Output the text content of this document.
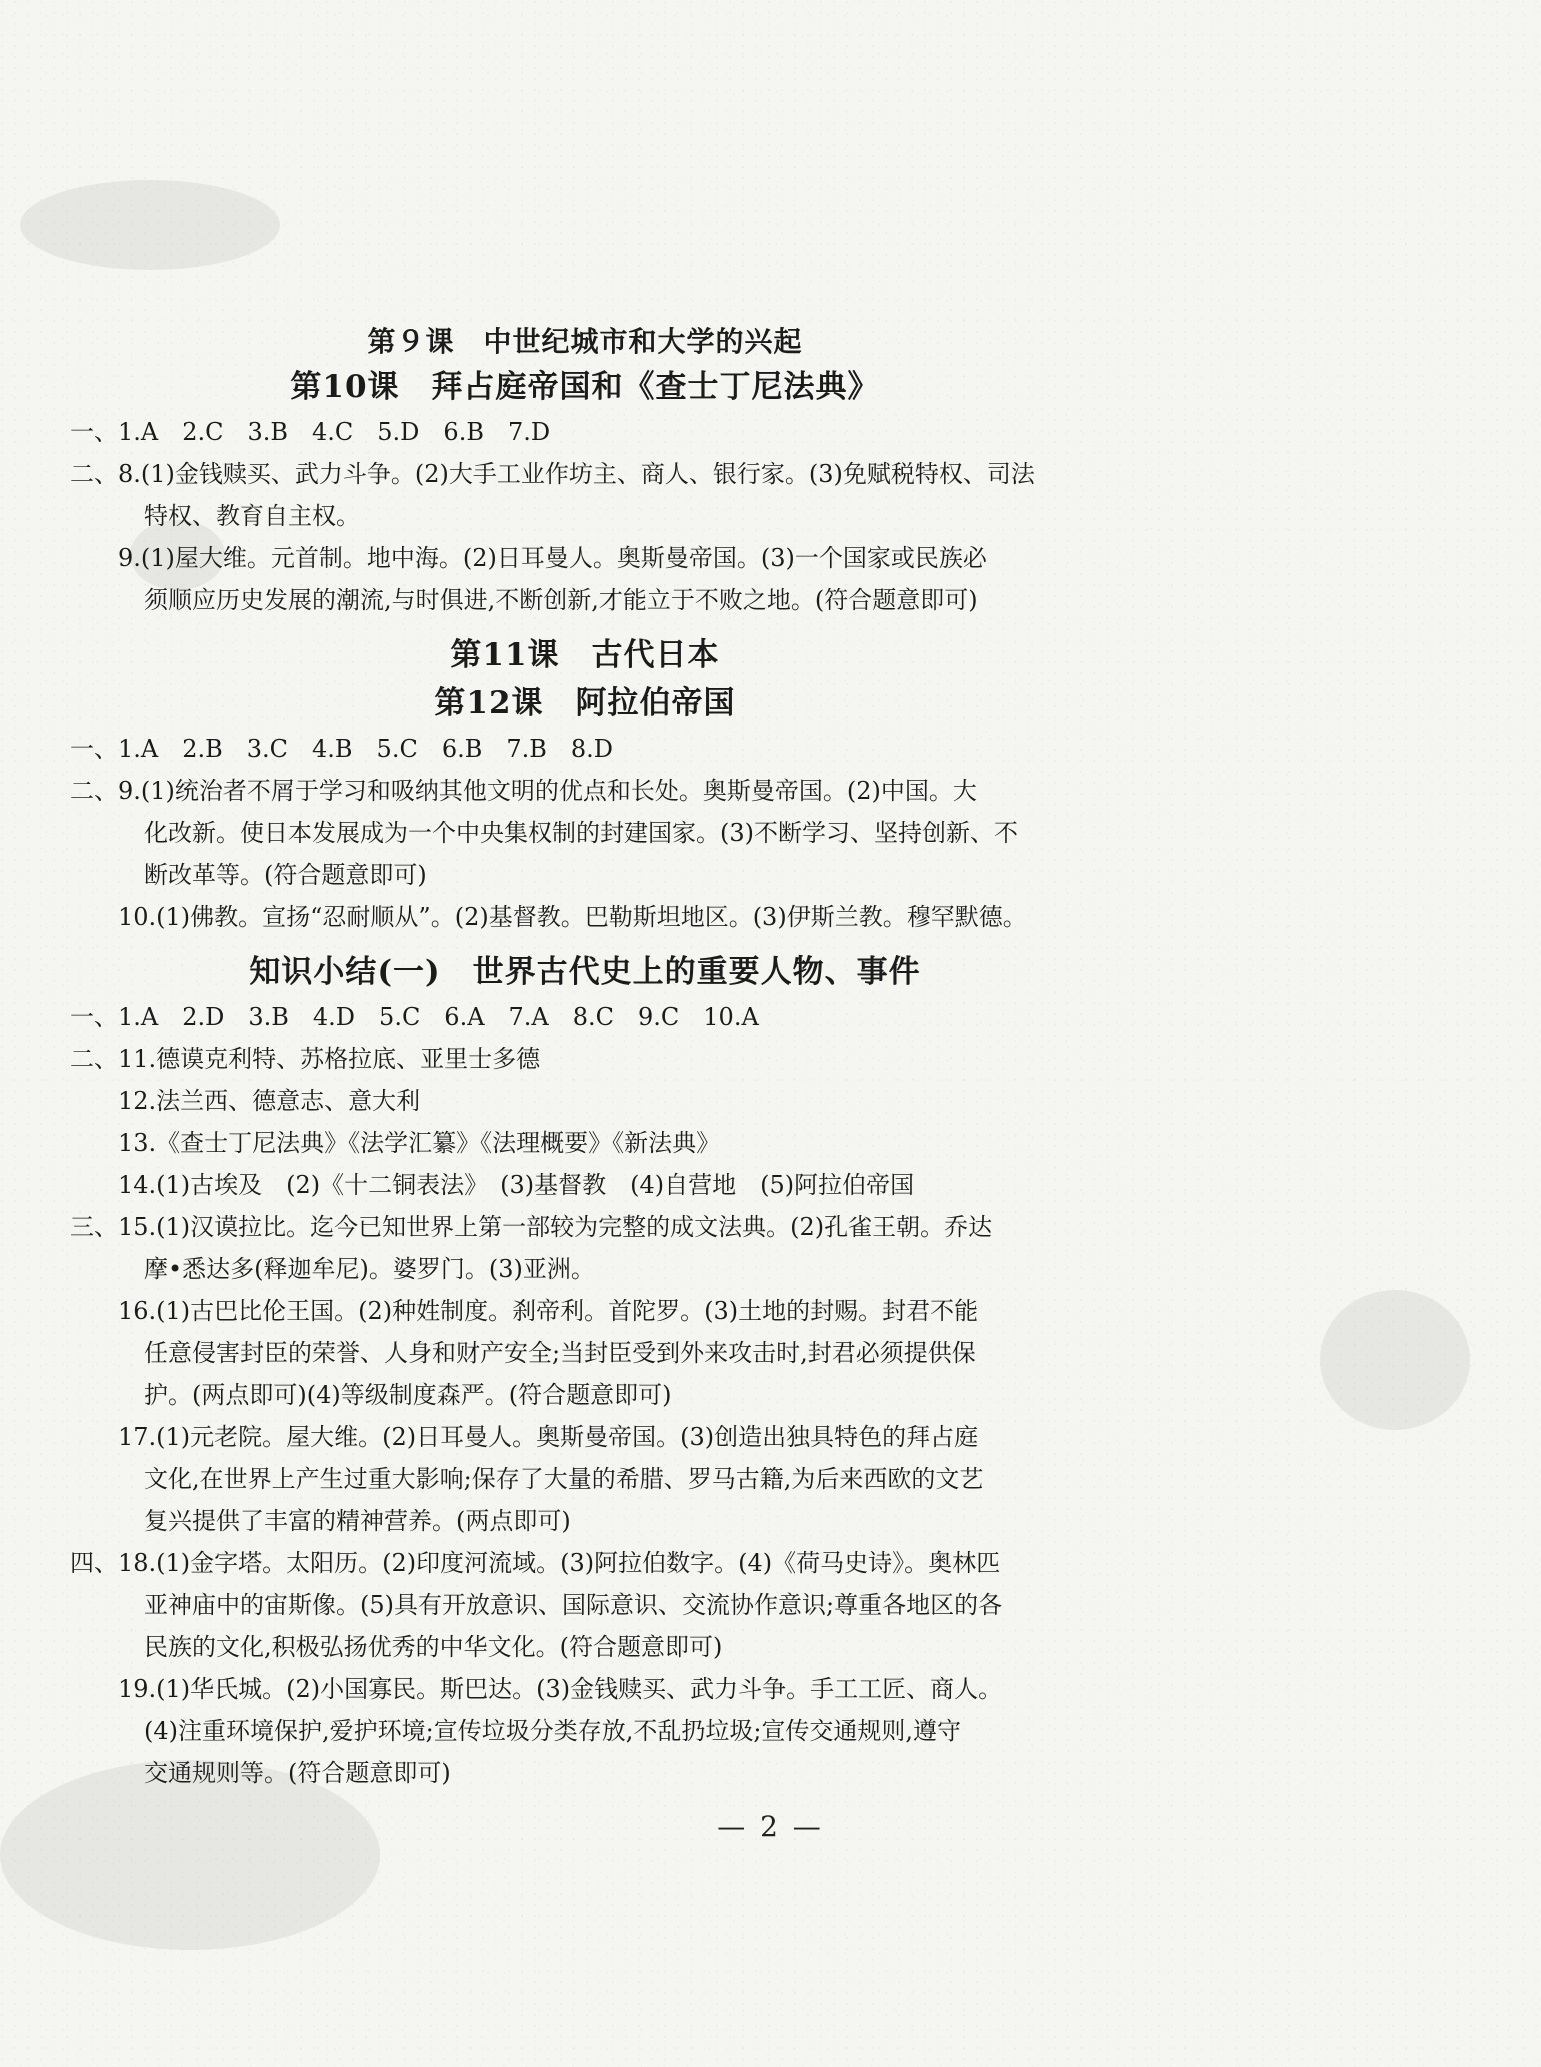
第９课　中世纪城市和大学的兴起
第10课　拜占庭帝国和《查士丁尼法典》

一、1.A　2.C　3.B　4.C　5.D　6.B　7.D

二、8.(1)金钱赎买、武力斗争。(2)大手工业作坊主、商人、银行家。(3)免赋税特权、司法

特权、教育自主权。

9.(1)屋大维。元首制。地中海。(2)日耳曼人。奥斯曼帝国。(3)一个国家或民族必

须顺应历史发展的潮流,与时俱进,不断创新,才能立于不败之地。(符合题意即可)

第11课　古代日本
第12课　阿拉伯帝国

一、1.A　2.B　3.C　4.B　5.C　6.B　7.B　8.D

二、9.(1)统治者不屑于学习和吸纳其他文明的优点和长处。奥斯曼帝国。(2)中国。大

化改新。使日本发展成为一个中央集权制的封建国家。(3)不断学习、坚持创新、不

断改革等。(符合题意即可)

10.(1)佛教。宣扬“忍耐顺从”。(2)基督教。巴勒斯坦地区。(3)伊斯兰教。穆罕默德。

知识小结(一)　世界古代史上的重要人物、事件

一、1.A　2.D　3.B　4.D　5.C　6.A　7.A　8.C　9.C　10.A

二、11.德谟克利特、苏格拉底、亚里士多德

12.法兰西、德意志、意大利

13.《查士丁尼法典》《法学汇纂》《法理概要》《新法典》

14.(1)古埃及　(2)《十二铜表法》　(3)基督教　(4)自营地　(5)阿拉伯帝国

三、15.(1)汉谟拉比。迄今已知世界上第一部较为完整的成文法典。(2)孔雀王朝。乔达

摩•悉达多(释迦牟尼)。婆罗门。(3)亚洲。

16.(1)古巴比伦王国。(2)种姓制度。刹帝利。首陀罗。(3)土地的封赐。封君不能

任意侵害封臣的荣誉、人身和财产安全;当封臣受到外来攻击时,封君必须提供保

护。(两点即可)(4)等级制度森严。(符合题意即可)

17.(1)元老院。屋大维。(2)日耳曼人。奥斯曼帝国。(3)创造出独具特色的拜占庭

文化,在世界上产生过重大影响;保存了大量的希腊、罗马古籍,为后来西欧的文艺

复兴提供了丰富的精神营养。(两点即可)

四、18.(1)金字塔。太阳历。(2)印度河流域。(3)阿拉伯数字。(4)《荷马史诗》。奥林匹

亚神庙中的宙斯像。(5)具有开放意识、国际意识、交流协作意识;尊重各地区的各

民族的文化,积极弘扬优秀的中华文化。(符合题意即可)

19.(1)华氏城。(2)小国寡民。斯巴达。(3)金钱赎买、武力斗争。手工工匠、商人。

(4)注重环境保护,爱护环境;宣传垃圾分类存放,不乱扔垃圾;宣传交通规则,遵守

交通规则等。(符合题意即可)

— 2 —
